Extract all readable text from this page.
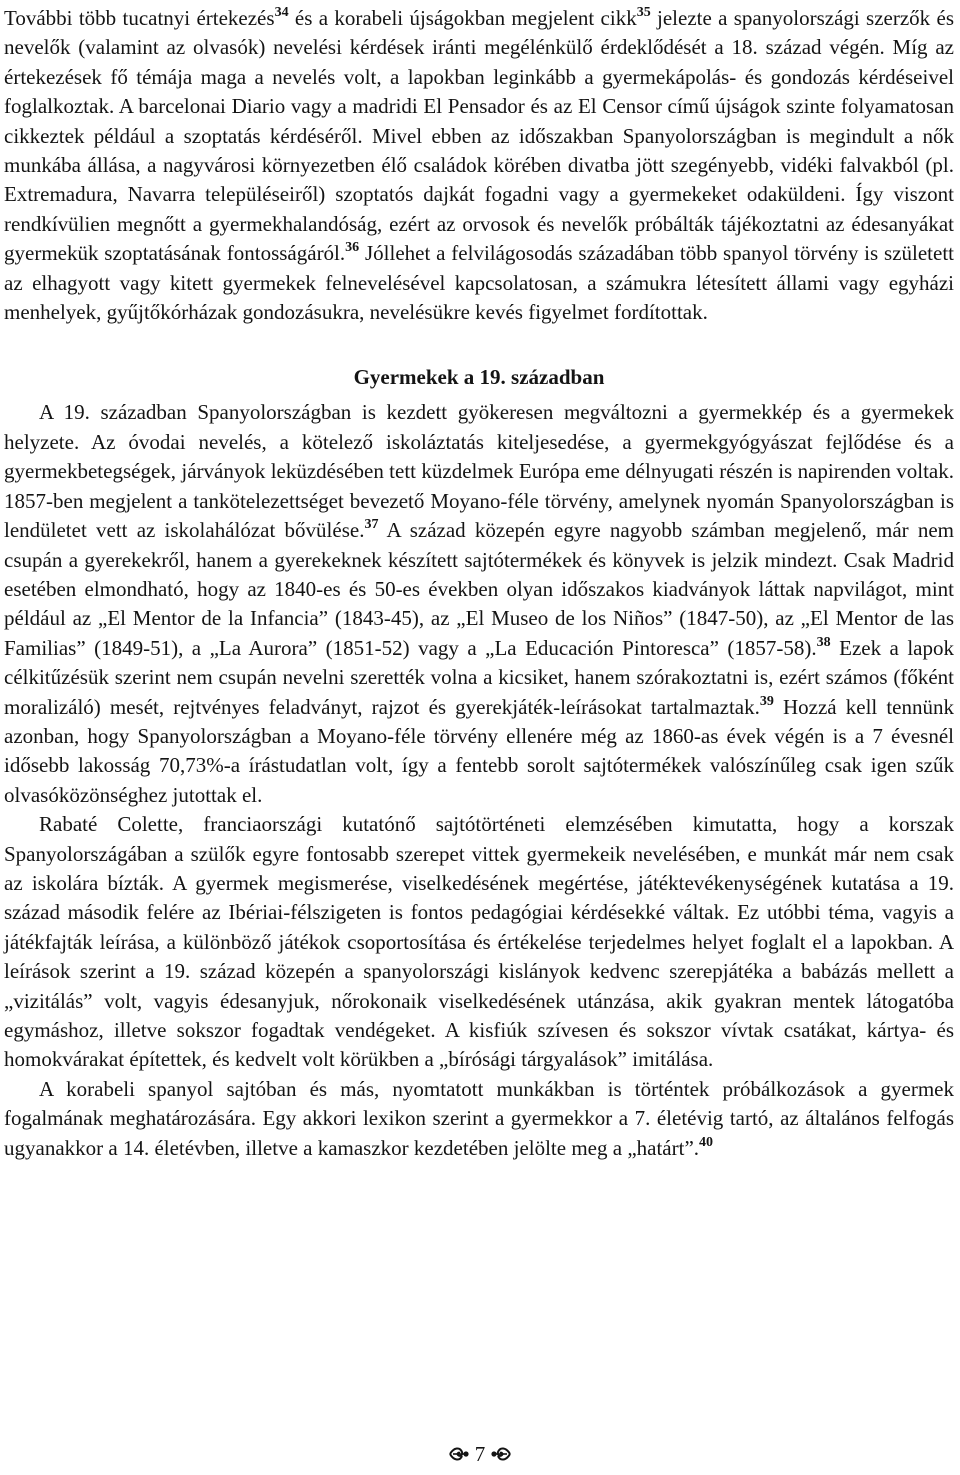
További több tucatnyi értekezés$^{34}$ és a korabeli újságokban megjelent cikk$^{35}$ jelezte a spanyolországi szerzők és nevelők (valamint az olvasók) nevelési kérdések iránti megélénkülő érdeklődését a 18. század végén. Míg az értekezések fő témája maga a nevelés volt, a lapokban leginkább a gyermekápolás- és gondozás kérdéseivel foglalkoztak. A barcelonai Diario vagy a madridi El Pensador és az El Censor című újságok szinte folyamatosan cikkeztek például a szoptatás kérdéséről. Mivel ebben az időszakban Spanyolországban is megindult a nők munkába állása, a nagyvárosi környezetben élő családok körében divatba jött szegényebb, vidéki falvakból (pl. Extremadura, Navarra településeiről) szoptatós dajkát fogadni vagy a gyermekeket odaküldeni. Így viszont rendkívülien megnőtt a gyermekhalandóság, ezért az orvosok és nevelők próbálták tájékoztatni az édesanyákat gyermekük szoptatásának fontosságáról.$^{36}$ Jóllehet a felvilágosodás századában több spanyol törvény is született az elhagyott vagy kitett gyermekek felnevelésével kapcsolatosan, a számukra létesített állami vagy egyházi menhelyek, gyűjtőkórházak gondozásukra, nevelésükre kevés figyelmet fordítottak.

Gyermekek a 19. században

A 19. században Spanyolországban is kezdett gyökeresen megváltozni a gyermekkép és a gyermekek helyzete. Az óvodai nevelés, a kötelező iskoláztatás kiteljesedése, a gyermekgyógyászat fejlődése és a gyermekbetegségek, járványok leküzdésében tett küzdelmek Európa eme délnyugati részén is napirenden voltak. 1857-ben megjelent a tankötelezettséget bevezető Moyano-féle törvény, amelynek nyomán Spanyolországban is lendületet vett az iskolahálózat bővülése.$^{37}$ A század közepén egyre nagyobb számban megjelenő, már nem csupán a gyerekekről, hanem a gyerekeknek készített sajtótermékek és könyvek is jelzik mindezt. Csak Madrid esetében elmondható, hogy az 1840-es és 50-es években olyan időszakos kiadványok láttak napvilágot, mint például az „El Mentor de la Infancia” (1843-45), az „El Museo de los Niños” (1847-50), az „El Mentor de las Familias” (1849-51), a „La Aurora” (1851-52) vagy a „La Educación Pintoresca” (1857-58).$^{38}$ Ezek a lapok célkitűzésük szerint nem csupán nevelni szerették volna a kicsiket, hanem szórakoztatni is, ezért számos (főként moralizáló) mesét, rejtvényes feladványt, rajzot és gyerekjáték-leírásokat tartalmaztak.$^{39}$ Hozzá kell tennünk azonban, hogy Spanyolországban a Moyano-féle törvény ellenére még az 1860-as évek végén is a 7 évesnél idősebb lakosság 70,73%-a írástudatlan volt, így a fentebb sorolt sajtótermékek valószínűleg csak igen szűk olvasóközönséghez jutottak el.

Rabaté Colette, franciaországi kutatónő sajtótörténeti elemzésében kimutatta, hogy a korszak Spanyolországában a szülők egyre fontosabb szerepet vittek gyermekeik nevelésében, e munkát már nem csak az iskolára bízták. A gyermek megismerése, viselkedésének megértése, játéktevékenységének kutatása a 19. század második felére az Ibériai-félszigeten is fontos pedagógiai kérdésekké váltak. Ez utóbbi téma, vagyis a játékfajták leírása, a különböző játékok csoportosítása és értékelése terjedelmes helyet foglalt el a lapokban. A leírások szerint a 19. század közepén a spanyolországi kislányok kedvenc szerepjátéka a babázás mellett a „vizitálás” volt, vagyis édesanyjuk, nőrokonaik viselkedésének utánzása, akik gyakran mentek látogatóba egymáshoz, illetve sokszor fogadtak vendégeket. A kisfiúk szívesen és sokszor vívtak csatákat, kártya- és homokvárakat építettek, és kedvelt volt körükben a „bírósági tárgyalások” imitálása.

A korabeli spanyol sajtóban és más, nyomtatott munkákban is történtek próbálkozások a gyermek fogalmának meghatározására. Egy akkori lexikon szerint a gyermekkor a 7. életévig tartó, az általános felfogás ugyanakkor a 14. életévben, illetve a kamaszkor kezdetében jelölte meg a „határt”.$^{40}$

7
